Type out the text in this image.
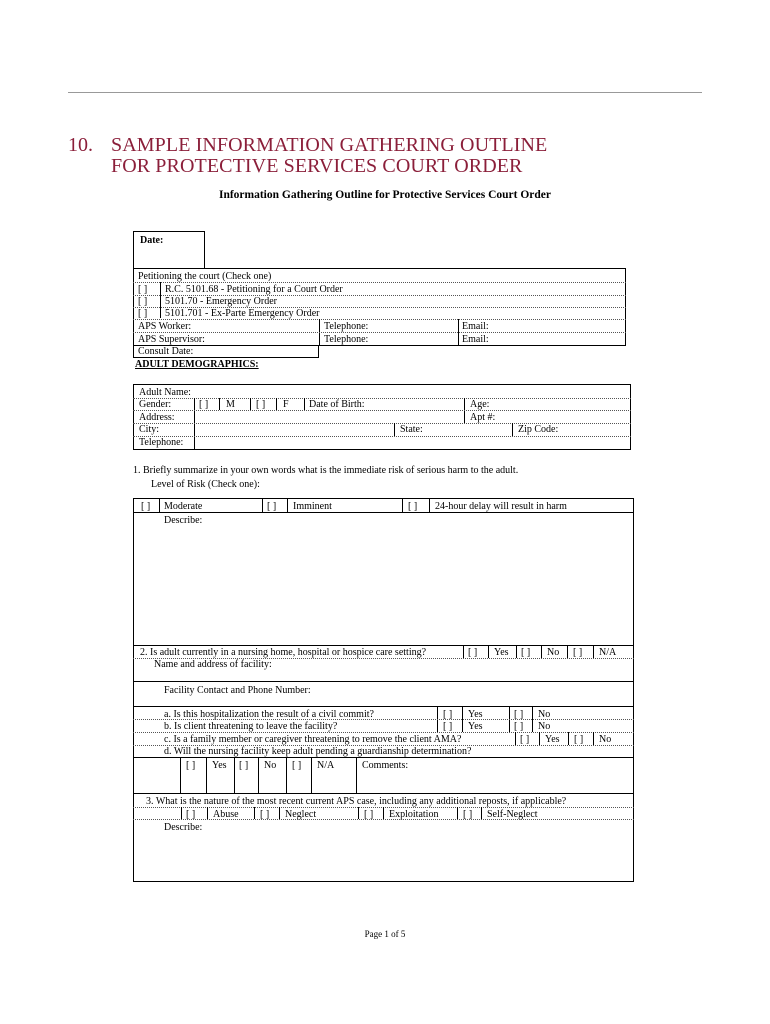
10. SAMPLE INFORMATION GATHERING OUTLINE
FOR PROTECTIVE SERVICES COURT ORDER
Information Gathering Outline for Protective Services Court Order
Date:
Petitioning the court (Check one)
[ ] R.C. 5101.68 - Petitioning for a Court Order
[ ] 5101.70 - Emergency Order
[ ] 5101.701 - Ex-Parte Emergency Order
APS Worker:	Telephone:	Email:
APS Supervisor:	Telephone:	Email:
Consult Date:
ADULT DEMOGRAPHICS:
Adult Name:
Gender:	[ ] M [ ] F Date of Birth:	Age:
Address:	Apt #:
City:	State:	Zip Code:
Telephone:
1. Briefly summarize in your own words what is the immediate risk of serious harm to the adult.
Level of Risk (Check one):
[ ] Moderate	[ ] Imminent	[ ] 24-hour delay will result in harm
Describe:
2. Is adult currently in a nursing home, hospital or hospice care setting?	[ ] Yes [ ] No [ ] N/A
Name and address of facility:
Facility Contact and Phone Number:
a. Is this hospitalization the result of a civil commit?	[ ] Yes	[ ] No
b. Is client threatening to leave the facility?	[ ] Yes	[ ] No
c. Is a family member or caregiver threatening to remove the client AMA?	[ ] Yes [ ] No
d. Will the nursing facility keep adult pending a guardianship determination?
[ ] Yes [ ] No [ ] N/A	Comments:
3. What is the nature of the most recent current APS case, including any additional reposts, if applicable?
[ ] Abuse [ ] Neglect	[ ] Exploitation [ ] Self-Neglect
Describe:
Page 1 of 5
